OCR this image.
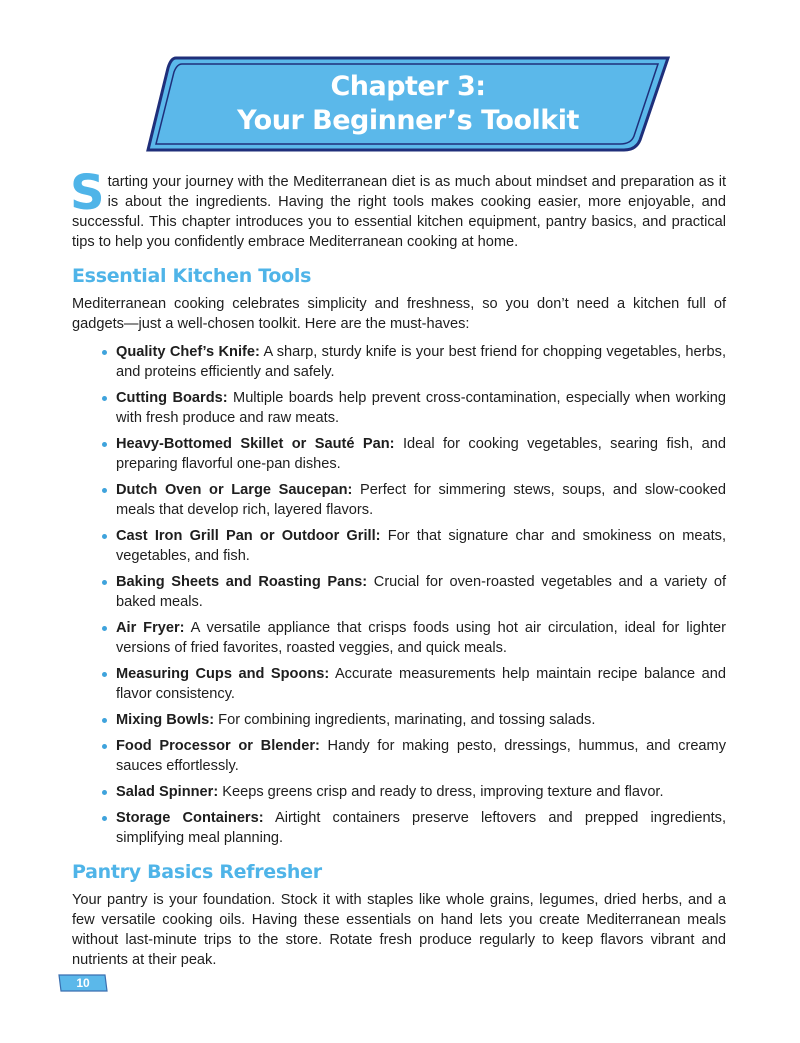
Chapter 3:
Your Beginner’s Toolkit

Starting your journey with the Mediterranean diet is as much about mindset and preparation as it is about the ingredients. Having the right tools makes cooking easier, more enjoyable, and successful. This chapter introduces you to essential kitchen equipment, pantry basics, and practical tips to help you confidently embrace Mediterranean cooking at home.

Essential Kitchen Tools

Mediterranean cooking celebrates simplicity and freshness, so you don’t need a kitchen full of gadgets—just a well-chosen toolkit. Here are the must-haves:

Quality Chef’s Knife: A sharp, sturdy knife is your best friend for chopping vegetables, herbs, and proteins efficiently and safely.
Cutting Boards: Multiple boards help prevent cross-contamination, especially when working with fresh produce and raw meats.
Heavy-Bottomed Skillet or Sauté Pan: Ideal for cooking vegetables, searing fish, and preparing flavorful one-pan dishes.
Dutch Oven or Large Saucepan: Perfect for simmering stews, soups, and slow-cooked meals that develop rich, layered flavors.
Cast Iron Grill Pan or Outdoor Grill: For that signature char and smokiness on meats, vegetables, and fish.
Baking Sheets and Roasting Pans: Crucial for oven-roasted vegetables and a variety of baked meals.
Air Fryer: A versatile appliance that crisps foods using hot air circulation, ideal for lighter versions of fried favorites, roasted veggies, and quick meals.
Measuring Cups and Spoons: Accurate measurements help maintain recipe balance and flavor consistency.
Mixing Bowls: For combining ingredients, marinating, and tossing salads.
Food Processor or Blender: Handy for making pesto, dressings, hummus, and creamy sauces effortlessly.
Salad Spinner: Keeps greens crisp and ready to dress, improving texture and flavor.
Storage Containers: Airtight containers preserve leftovers and prepped ingredients, simplifying meal planning.
Pantry Basics Refresher

Your pantry is your foundation. Stock it with staples like whole grains, legumes, dried herbs, and a few versatile cooking oils. Having these essentials on hand lets you create Mediterranean meals without last-minute trips to the store. Rotate fresh produce regularly to keep flavors vibrant and nutrients at their peak.

10
